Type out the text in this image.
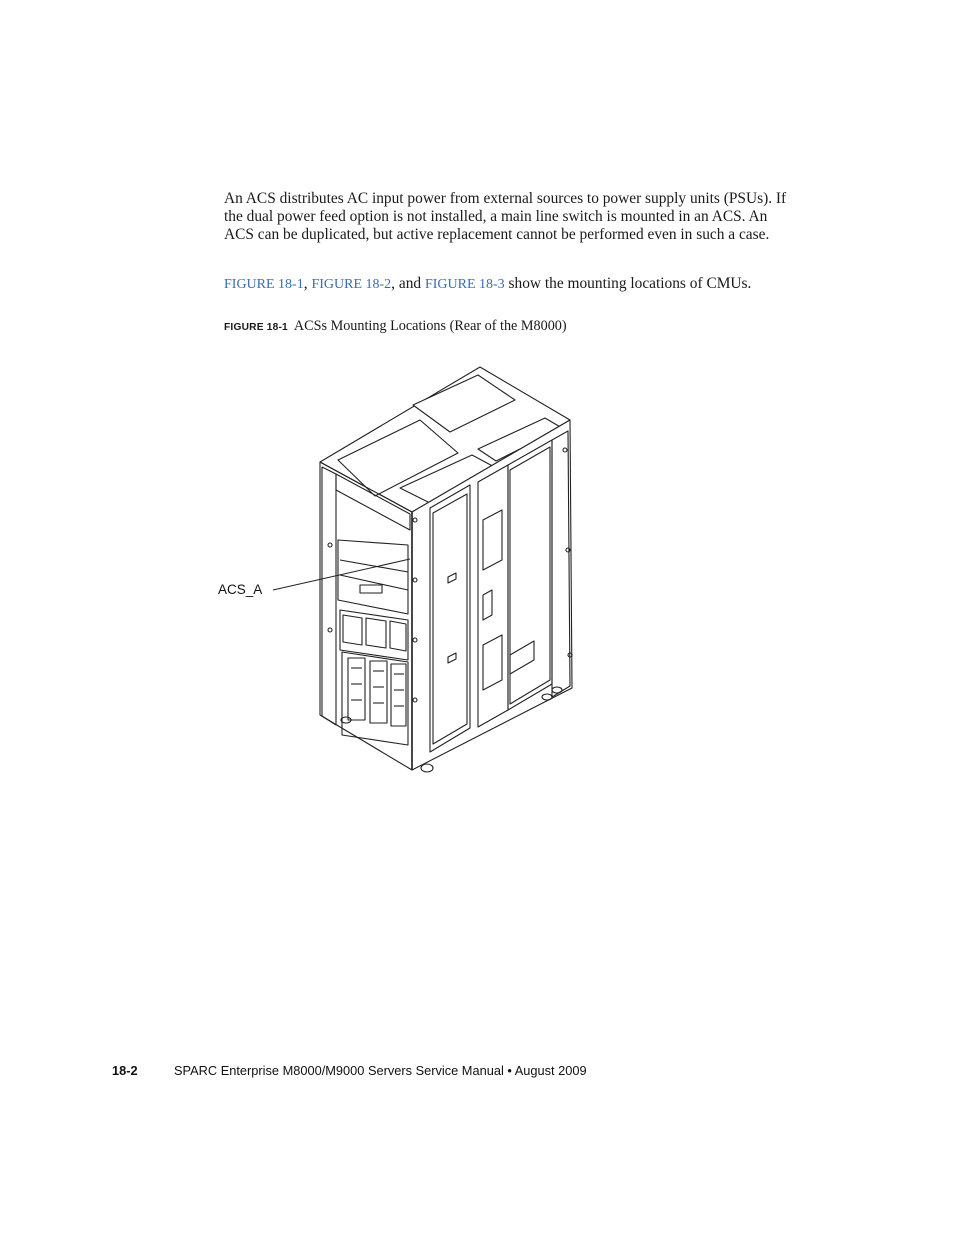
An ACS distributes AC input power from external sources to power supply units (PSUs). If the dual power feed option is not installed, a main line switch is mounted in an ACS. An ACS can be duplicated, but active replacement cannot be performed even in such a case.

FIGURE 18-1, FIGURE 18-2, and FIGURE 18-3 show the mounting locations of CMUs.

FIGURE 18-1 ACSs Mounting Locations (Rear of the M8000)
ACS_A
18-2	SPARC Enterprise M8000/M9000 Servers Service Manual • August 2009
